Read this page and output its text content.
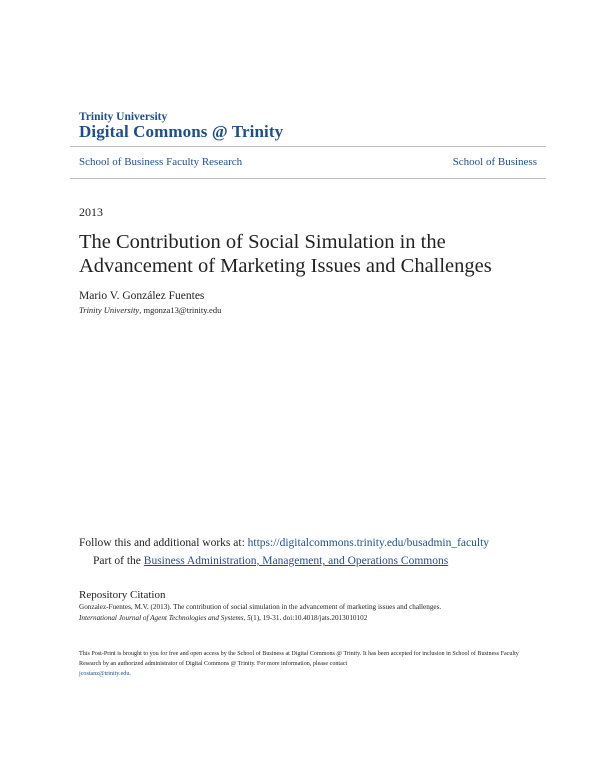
Trinity University
Digital Commons @ Trinity
School of Business Faculty Research	School of Business
2013
The Contribution of Social Simulation in the
Advancement of Marketing Issues and Challenges
Mario V. González Fuentes
Trinity University, mgonza13@trinity.edu
Follow this and additional works at: https://digitalcommons.trinity.edu/busadmin_faculty
Part of the Business Administration, Management, and Operations Commons
Repository Citation
Gonzalez-Fuentes, M.V. (2013). The contribution of social simulation in the advancement of marketing issues and challenges.
International Journal of Agent Technologies and Systems, 5(1), 19-31. doi:10.4018/jats.2013010102
This Post-Print is brought to you for free and open access by the School of Business at Digital Commons @ Trinity. It has been accepted for inclusion in School of Business Faculty Research by an authorized administrator of Digital Commons @ Trinity. For more information, please contact
jcostanz@trinity.edu.
